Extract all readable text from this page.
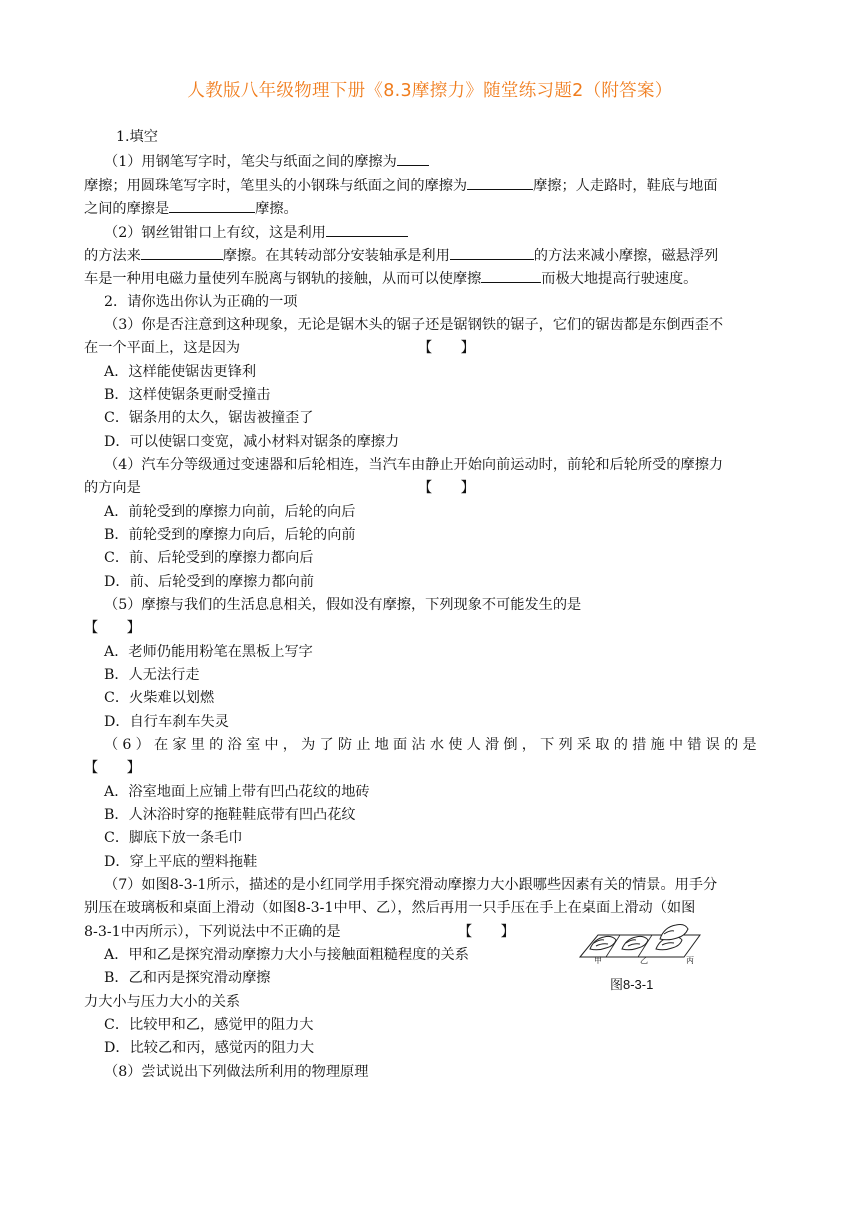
人教版八年级物理下册《8.3摩擦力》随堂练习题2（附答案）
1.填空
（1）用钢笔写字时，笔尖与纸面之间的摩擦为
摩擦；用圆珠笔写字时，笔里头的小钢珠与纸面之间的摩擦为	摩擦；人走路时，鞋底与地面
之间的摩擦是	摩擦。
（2）钢丝钳钳口上有纹，这是利用
的方法来	摩擦。在其转动部分安装轴承是利用	的方法来减小摩擦，磁悬浮列
车是一种用电磁力量使列车脱离与钢轨的接触，从而可以使摩擦	而极大地提高行驶速度。
2．请你选出你认为正确的一项
（3）你是否注意到这种现象，无论是锯木头的锯子还是锯钢铁的锯子，它们的锯齿都是东倒西歪不
在一个平面上，这是因为	【　　】
A．这样能使锯齿更锋利
B．这样使锯条更耐受撞击
C．锯条用的太久，锯齿被撞歪了
D．可以使锯口变宽，减小材料对锯条的摩擦力
（4）汽车分等级通过变速器和后轮相连，当汽车由静止开始向前运动时，前轮和后轮所受的摩擦力
的方向是	【　　】
A．前轮受到的摩擦力向前，后轮的向后
B．前轮受到的摩擦力向后，后轮的向前
C．前、后轮受到的摩擦力都向后
D．前、后轮受到的摩擦力都向前
（5）摩擦与我们的生活息息相关，假如没有摩擦，下列现象不可能发生的是
【　　】
A．老师仍能用粉笔在黑板上写字
B．人无法行走
C．火柴难以划燃
D．自行车刹车失灵
（6）在家里的浴室中，为了防止地面沾水使人滑倒，下列采取的措施中错误的是
【　　】
A．浴室地面上应铺上带有凹凸花纹的地砖
B．人沐浴时穿的拖鞋鞋底带有凹凸花纹
C．脚底下放一条毛巾
D．穿上平底的塑料拖鞋
（7）如图8-3-1所示，描述的是小红同学用手探究滑动摩擦力大小跟哪些因素有关的情景。用手分
别压在玻璃板和桌面上滑动（如图8-3-1中甲、乙），然后再用一只手压在手上在桌面上滑动（如图
8-3-1中丙所示），下列说法中不正确的是	【　　】
A．甲和乙是探究滑动摩擦力大小与接触面粗糙程度的关系
B．乙和丙是探究滑动摩擦
力大小与压力大小的关系
C．比较甲和乙，感觉甲的阻力大
D．比较乙和丙，感觉丙的阻力大
（8）尝试说出下列做法所利用的物理原理
甲	乙	丙
图8-3-1
